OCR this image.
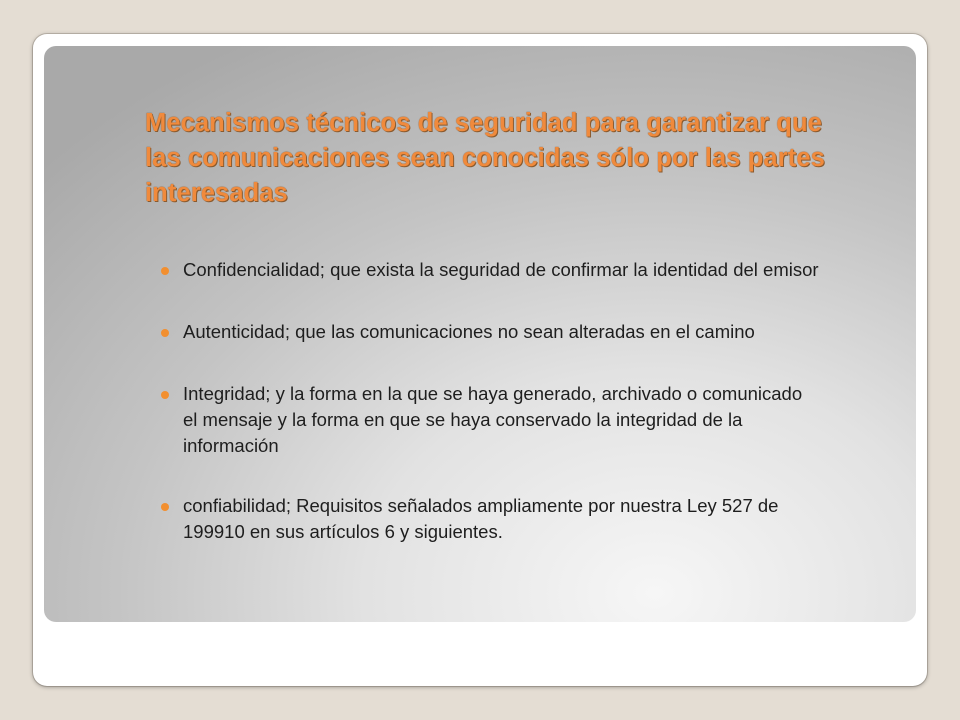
Mecanismos técnicos de seguridad para garantizar que las comunicaciones sean conocidas sólo por las partes interesadas
Confidencialidad; que exista la seguridad de confirmar la identidad del emisor
Autenticidad; que las comunicaciones no sean alteradas en el camino
Integridad; y la forma en la que se haya generado, archivado o comunicado el mensaje y la forma en que se haya conservado la integridad de la información
confiabilidad; Requisitos señalados ampliamente por nuestra Ley 527 de 199910 en sus artículos 6 y siguientes.
